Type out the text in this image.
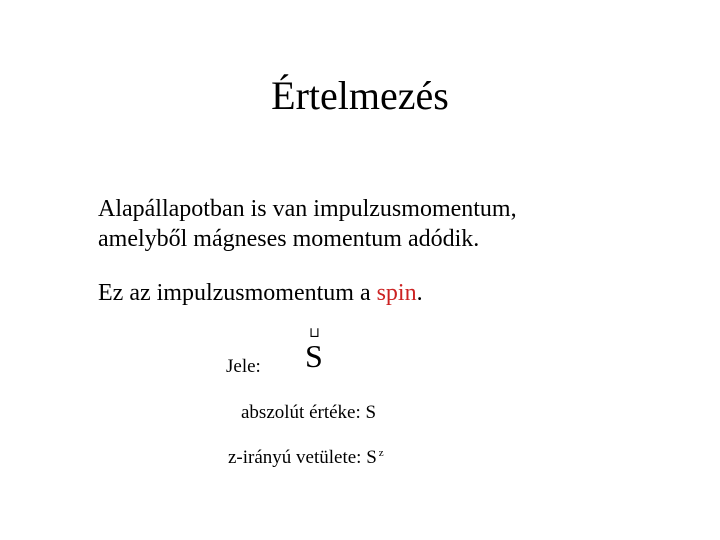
Értelmezés
Alapállapotban is van impulzusmomentum,
amelyből mágneses momentum adódik.
Ez az impulzusmomentum a spin.
Jele:
⊔
S
abszolút értéke: S
z-irányú vetülete: S $^z$
